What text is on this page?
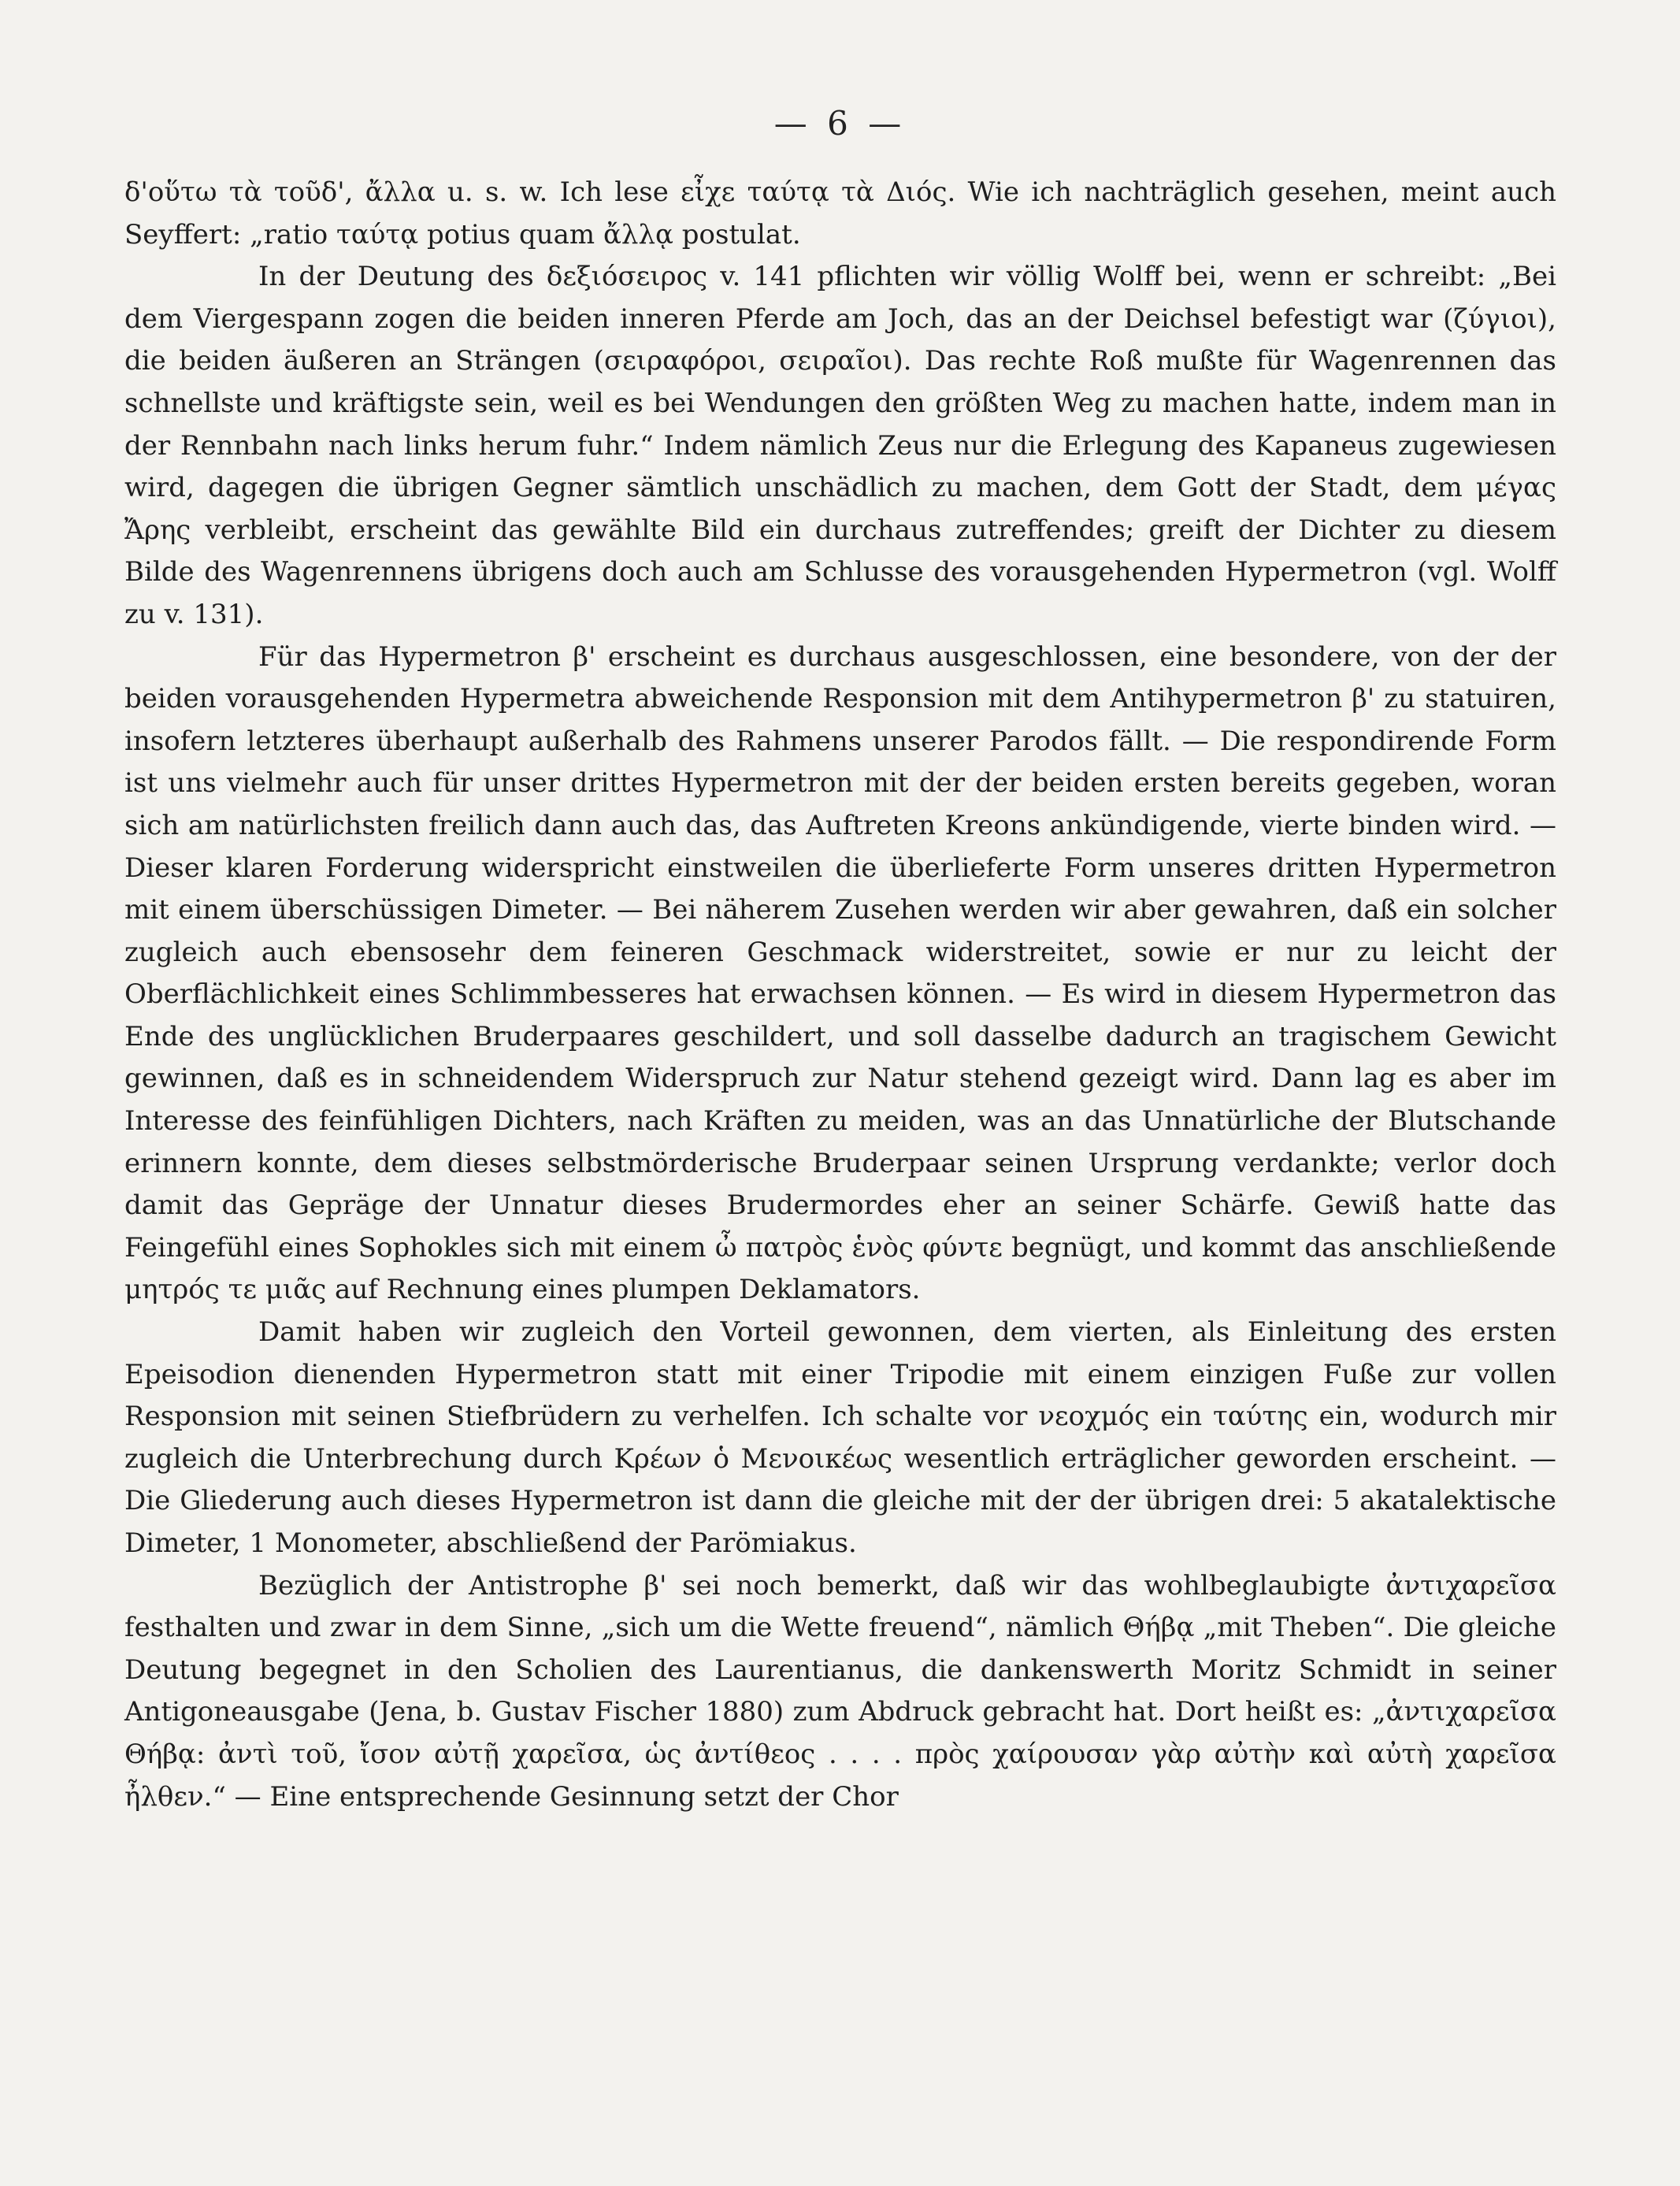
— 6 —

δ'οὕτω τὰ τοῦδ', ἄλλα u. s. w. Ich lese εἶχε ταύτᾳ τὰ Διός. Wie ich nachträglich gesehen, meint auch Seyffert: „ratio ταύτᾳ potius quam ἄλλᾳ postulat.

In der Deutung des δεξιόσειρος v. 141 pflichten wir völlig Wolff bei, wenn er schreibt: „Bei dem Viergespann zogen die beiden inneren Pferde am Joch, das an der Deichsel befestigt war (ζύγιοι), die beiden äußeren an Strängen (σειραφόροι, σειραῖοι). Das rechte Roß mußte für Wagenrennen das schnellste und kräftigste sein, weil es bei Wendungen den größten Weg zu machen hatte, indem man in der Rennbahn nach links herum fuhr.“ Indem nämlich Zeus nur die Erlegung des Kapaneus zugewiesen wird, dagegen die übrigen Gegner sämtlich unschädlich zu machen, dem Gott der Stadt, dem μέγας Ἄρης verbleibt, erscheint das gewählte Bild ein durchaus zutreffendes; greift der Dichter zu diesem Bilde des Wagenrennens übrigens doch auch am Schlusse des vorausgehenden Hypermetron (vgl. Wolff zu v. 131).

Für das Hypermetron β' erscheint es durchaus ausgeschlossen, eine besondere, von der der beiden vorausgehenden Hypermetra abweichende Responsion mit dem Antihypermetron β' zu statuiren, insofern letzteres überhaupt außerhalb des Rahmens unserer Parodos fällt. — Die respondirende Form ist uns vielmehr auch für unser drittes Hypermetron mit der der beiden ersten bereits gegeben, woran sich am natürlichsten freilich dann auch das, das Auftreten Kreons ankündigende, vierte binden wird. — Dieser klaren Forderung widerspricht einstweilen die überlieferte Form unseres dritten Hypermetron mit einem überschüssigen Dimeter. — Bei näherem Zusehen werden wir aber gewahren, daß ein solcher zugleich auch ebensosehr dem feineren Geschmack widerstreitet, sowie er nur zu leicht der Oberflächlichkeit eines Schlimmbesseres hat erwachsen können. — Es wird in diesem Hypermetron das Ende des unglücklichen Bruderpaares geschildert, und soll dasselbe dadurch an tragischem Gewicht gewinnen, daß es in schneidendem Widerspruch zur Natur stehend gezeigt wird. Dann lag es aber im Interesse des feinfühligen Dichters, nach Kräften zu meiden, was an das Unnatürliche der Blutschande erinnern konnte, dem dieses selbstmörderische Bruderpaar seinen Ursprung verdankte; verlor doch damit das Gepräge der Unnatur dieses Brudermordes eher an seiner Schärfe. Gewiß hatte das Feingefühl eines Sophokles sich mit einem ὦ πατρὸς ἑνὸς φύντε begnügt, und kommt das anschließende μητρός τε μιᾶς auf Rechnung eines plumpen Deklamators.

Damit haben wir zugleich den Vorteil gewonnen, dem vierten, als Einleitung des ersten Epeisodion dienenden Hypermetron statt mit einer Tripodie mit einem einzigen Fuße zur vollen Responsion mit seinen Stiefbrüdern zu verhelfen. Ich schalte vor νεοχμός ein ταύτης ein, wodurch mir zugleich die Unterbrechung durch Κρέων ὁ Μενοικέως wesentlich erträglicher geworden erscheint. — Die Gliederung auch dieses Hypermetron ist dann die gleiche mit der der übrigen drei: 5 akatalektische Dimeter, 1 Monometer, abschließend der Parömiakus.

Bezüglich der Antistrophe β' sei noch bemerkt, daß wir das wohlbeglaubigte ἀντιχαρεῖσα festhalten und zwar in dem Sinne, „sich um die Wette freuend“, nämlich Θήβᾳ „mit Theben“. Die gleiche Deutung begegnet in den Scholien des Laurentianus, die dankenswerth Moritz Schmidt in seiner Antigoneausgabe (Jena, b. Gustav Fischer 1880) zum Abdruck gebracht hat. Dort heißt es: „ἀντιχαρεῖσα Θήβᾳ: ἀντὶ τοῦ, ἴσον αὐτῇ χαρεῖσα, ὡς ἀντίθεος . . . . πρὸς χαίρουσαν γὰρ αὐτὴν καὶ αὐτὴ χαρεῖσα ἦλθεν.“ — Eine entsprechende Gesinnung setzt der Chor
